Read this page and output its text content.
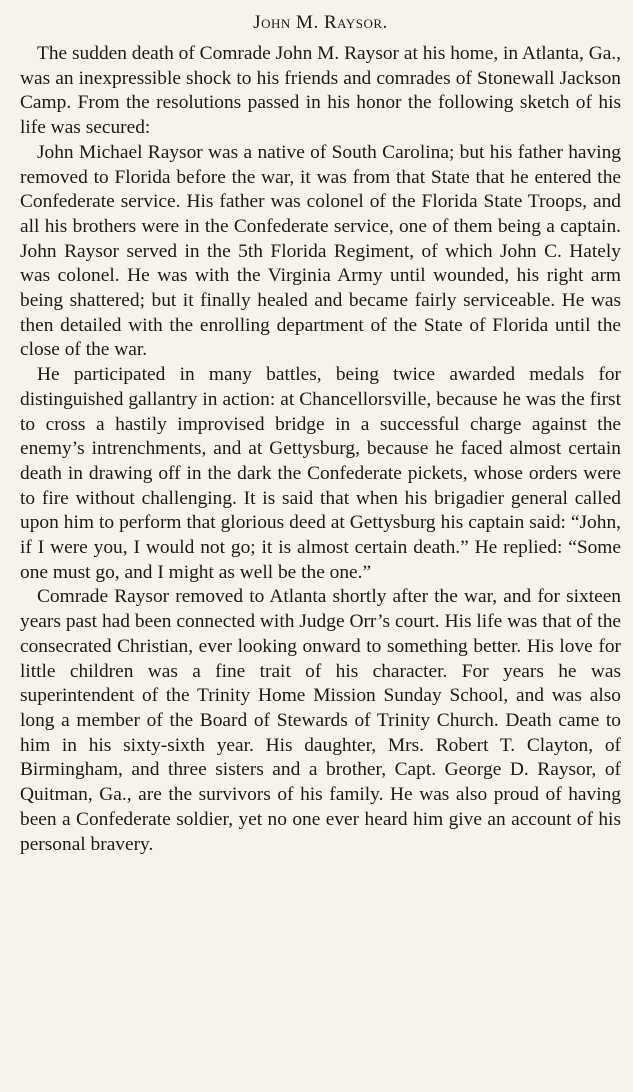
John M. Raysor.

The sudden death of Comrade John M. Raysor at his home, in Atlanta, Ga., was an inexpressible shock to his friends and comrades of Stonewall Jackson Camp. From the resolutions passed in his honor the following sketch of his life was secured:

John Michael Raysor was a native of South Carolina; but his father having removed to Florida before the war, it was from that State that he entered the Confederate service. His father was colonel of the Florida State Troops, and all his brothers were in the Confederate service, one of them being a captain. John Raysor served in the 5th Florida Regiment, of which John C. Hately was colonel. He was with the Virginia Army until wounded, his right arm being shattered; but it finally healed and became fairly serviceable. He was then detailed with the enrolling department of the State of Florida until the close of the war.

He participated in many battles, being twice awarded medals for distinguished gallantry in action: at Chancellorsville, because he was the first to cross a hastily improvised bridge in a successful charge against the enemy’s intrenchments, and at Gettysburg, because he faced almost certain death in drawing off in the dark the Confederate pickets, whose orders were to fire without challenging. It is said that when his brigadier general called upon him to perform that glorious deed at Gettysburg his captain said: “John, if I were you, I would not go; it is almost certain death.” He replied: “Some one must go, and I might as well be the one.”

Comrade Raysor removed to Atlanta shortly after the war, and for sixteen years past had been connected with Judge Orr’s court. His life was that of the consecrated Christian, ever looking onward to something better. His love for little children was a fine trait of his character. For years he was superintendent of the Trinity Home Mission Sunday School, and was also long a member of the Board of Stewards of Trinity Church. Death came to him in his sixty-sixth year. His daughter, Mrs. Robert T. Clayton, of Birmingham, and three sisters and a brother, Capt. George D. Raysor, of Quitman, Ga., are the survivors of his family. He was also proud of having been a Confederate soldier, yet no one ever heard him give an account of his personal bravery.
